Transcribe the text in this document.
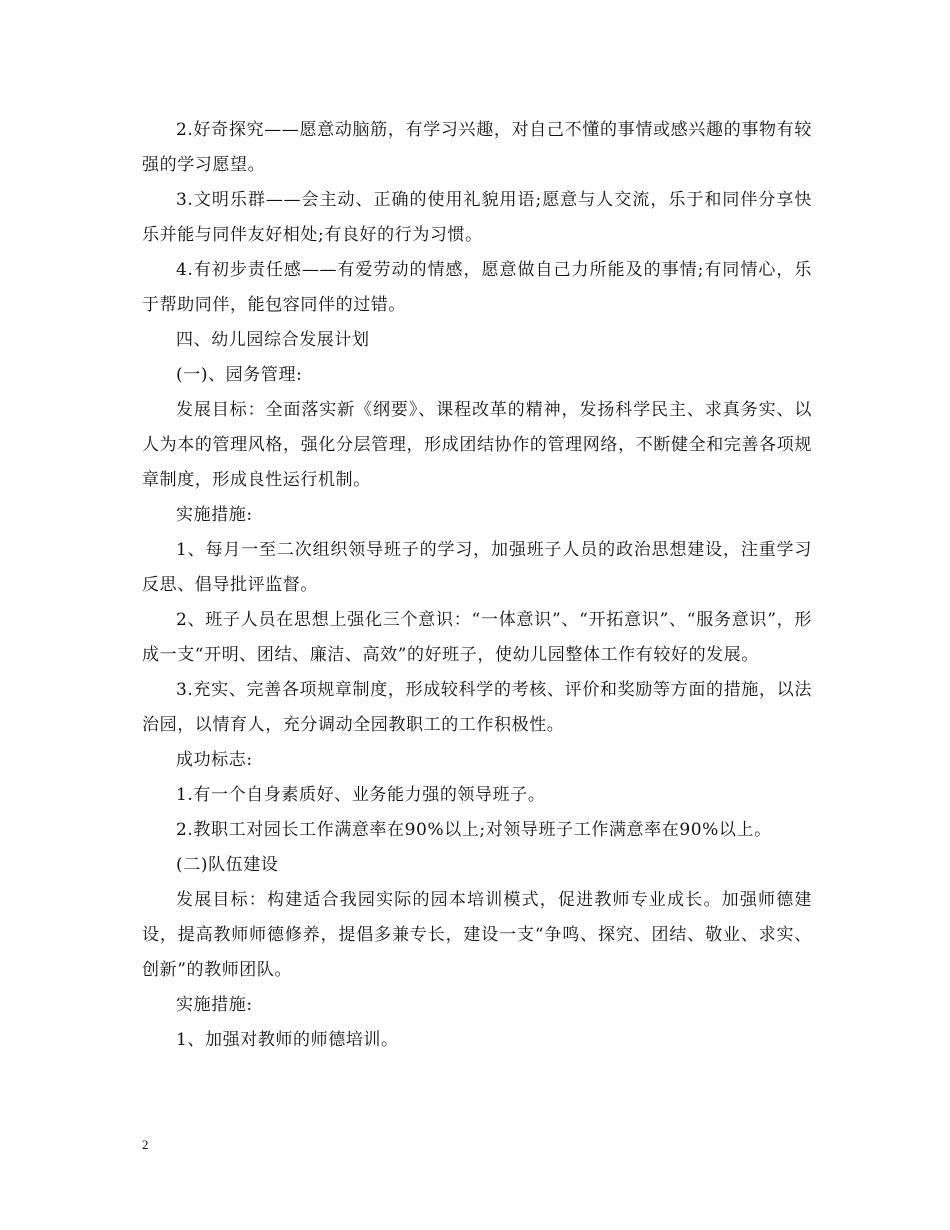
2.好奇探究——愿意动脑筋，有学习兴趣，对自己不懂的事情或感兴趣的事物有较强的学习愿望。

3.文明乐群——会主动、正确的使用礼貌用语;愿意与人交流，乐于和同伴分享快乐并能与同伴友好相处;有良好的行为习惯。

4.有初步责任感——有爱劳动的情感，愿意做自己力所能及的事情;有同情心，乐于帮助同伴，能包容同伴的过错。

四、幼儿园综合发展计划

(一)、园务管理:

发展目标：全面落实新《纲要》、课程改革的精神，发扬科学民主、求真务实、以人为本的管理风格，强化分层管理，形成团结协作的管理网络，不断健全和完善各项规章制度，形成良性运行机制。

实施措施:

1、每月一至二次组织领导班子的学习，加强班子人员的政治思想建设，注重学习反思、倡导批评监督。

2、班子人员在思想上强化三个意识：“一体意识”、“开拓意识”、“服务意识”，形成一支“开明、团结、廉洁、高效”的好班子，使幼儿园整体工作有较好的发展。

3.充实、完善各项规章制度，形成较科学的考核、评价和奖励等方面的措施，以法治园，以情育人，充分调动全园教职工的工作积极性。

成功标志:

1.有一个自身素质好、业务能力强的领导班子。

2.教职工对园长工作满意率在90%以上;对领导班子工作满意率在90%以上。

(二)队伍建设

发展目标：构建适合我园实际的园本培训模式，促进教师专业成长。加强师德建设，提高教师师德修养，提倡多兼专长，建设一支“争鸣、探究、团结、敬业、求实、创新”的教师团队。

实施措施:

1、加强对教师的师德培训。

2
